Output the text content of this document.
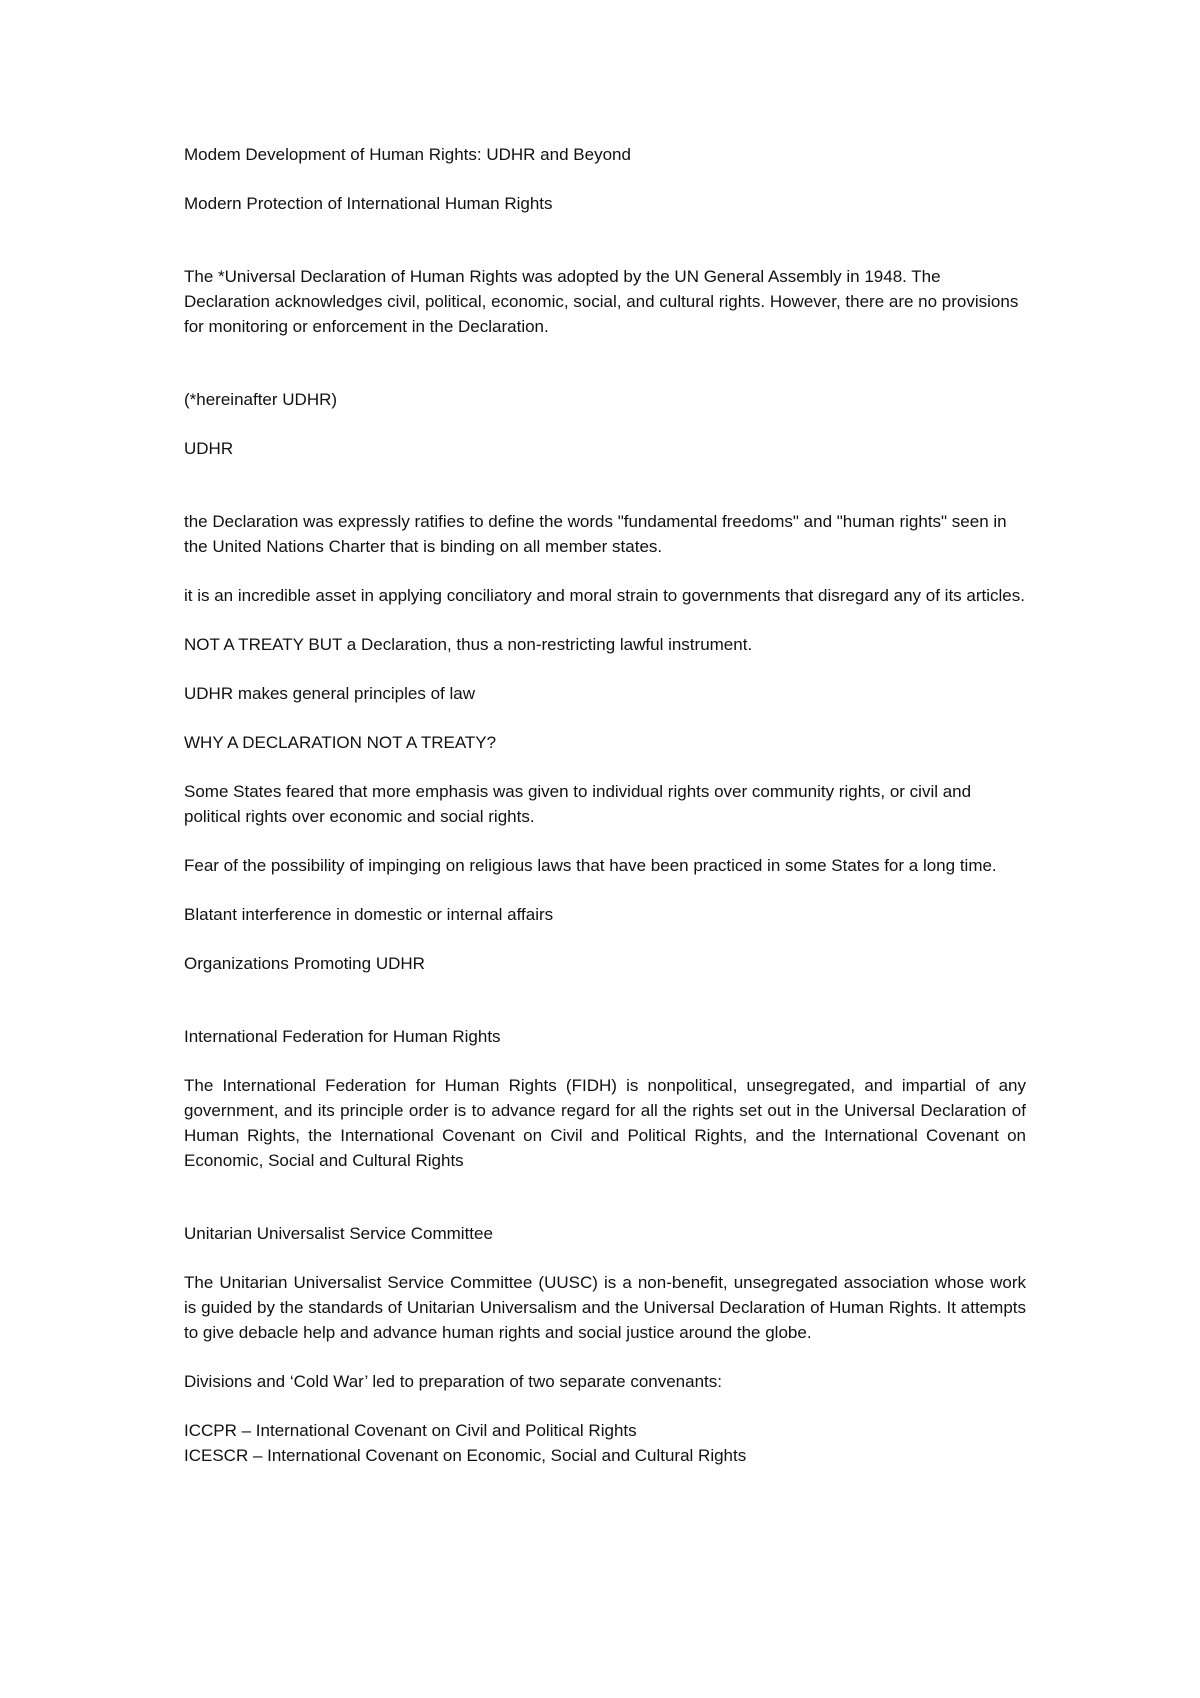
Modem Development of Human Rights: UDHR and Beyond

Modern Protection of International Human Rights

The *Universal Declaration of Human Rights was adopted by the UN General Assembly in 1948. The Declaration acknowledges civil, political, economic, social, and cultural rights. However, there are no provisions for monitoring or enforcement in the Declaration.

(*hereinafter UDHR)

UDHR

the Declaration was expressly ratifies to define the words "fundamental freedoms" and "human rights" seen in the United Nations Charter that is binding on all member states.

it is an incredible asset in applying conciliatory and moral strain to governments that disregard any of its articles.

NOT A TREATY BUT a Declaration, thus a non-restricting lawful instrument.

UDHR makes general principles of law

WHY A DECLARATION NOT A TREATY?

Some States feared that more emphasis was given to individual rights over community rights, or civil and political rights over economic and social rights.

Fear of the possibility of impinging on religious laws that have been practiced in some States for a long time.

Blatant interference in domestic or internal affairs

Organizations Promoting UDHR

International Federation for Human Rights

The International Federation for Human Rights (FIDH) is nonpolitical, unsegregated, and impartial of any government, and its principle order is to advance regard for all the rights set out in the Universal Declaration of Human Rights, the International Covenant on Civil and Political Rights, and the International Covenant on Economic, Social and Cultural Rights

Unitarian Universalist Service Committee

The Unitarian Universalist Service Committee (UUSC) is a non-benefit, unsegregated association whose work is guided by the standards of Unitarian Universalism and the Universal Declaration of Human Rights. It attempts to give debacle help and advance human rights and social justice around the globe.

Divisions and ‘Cold War’ led to preparation of two separate convenants:

ICCPR – International Covenant on Civil and Political Rights

ICESCR – International Covenant on Economic, Social and Cultural Rights
